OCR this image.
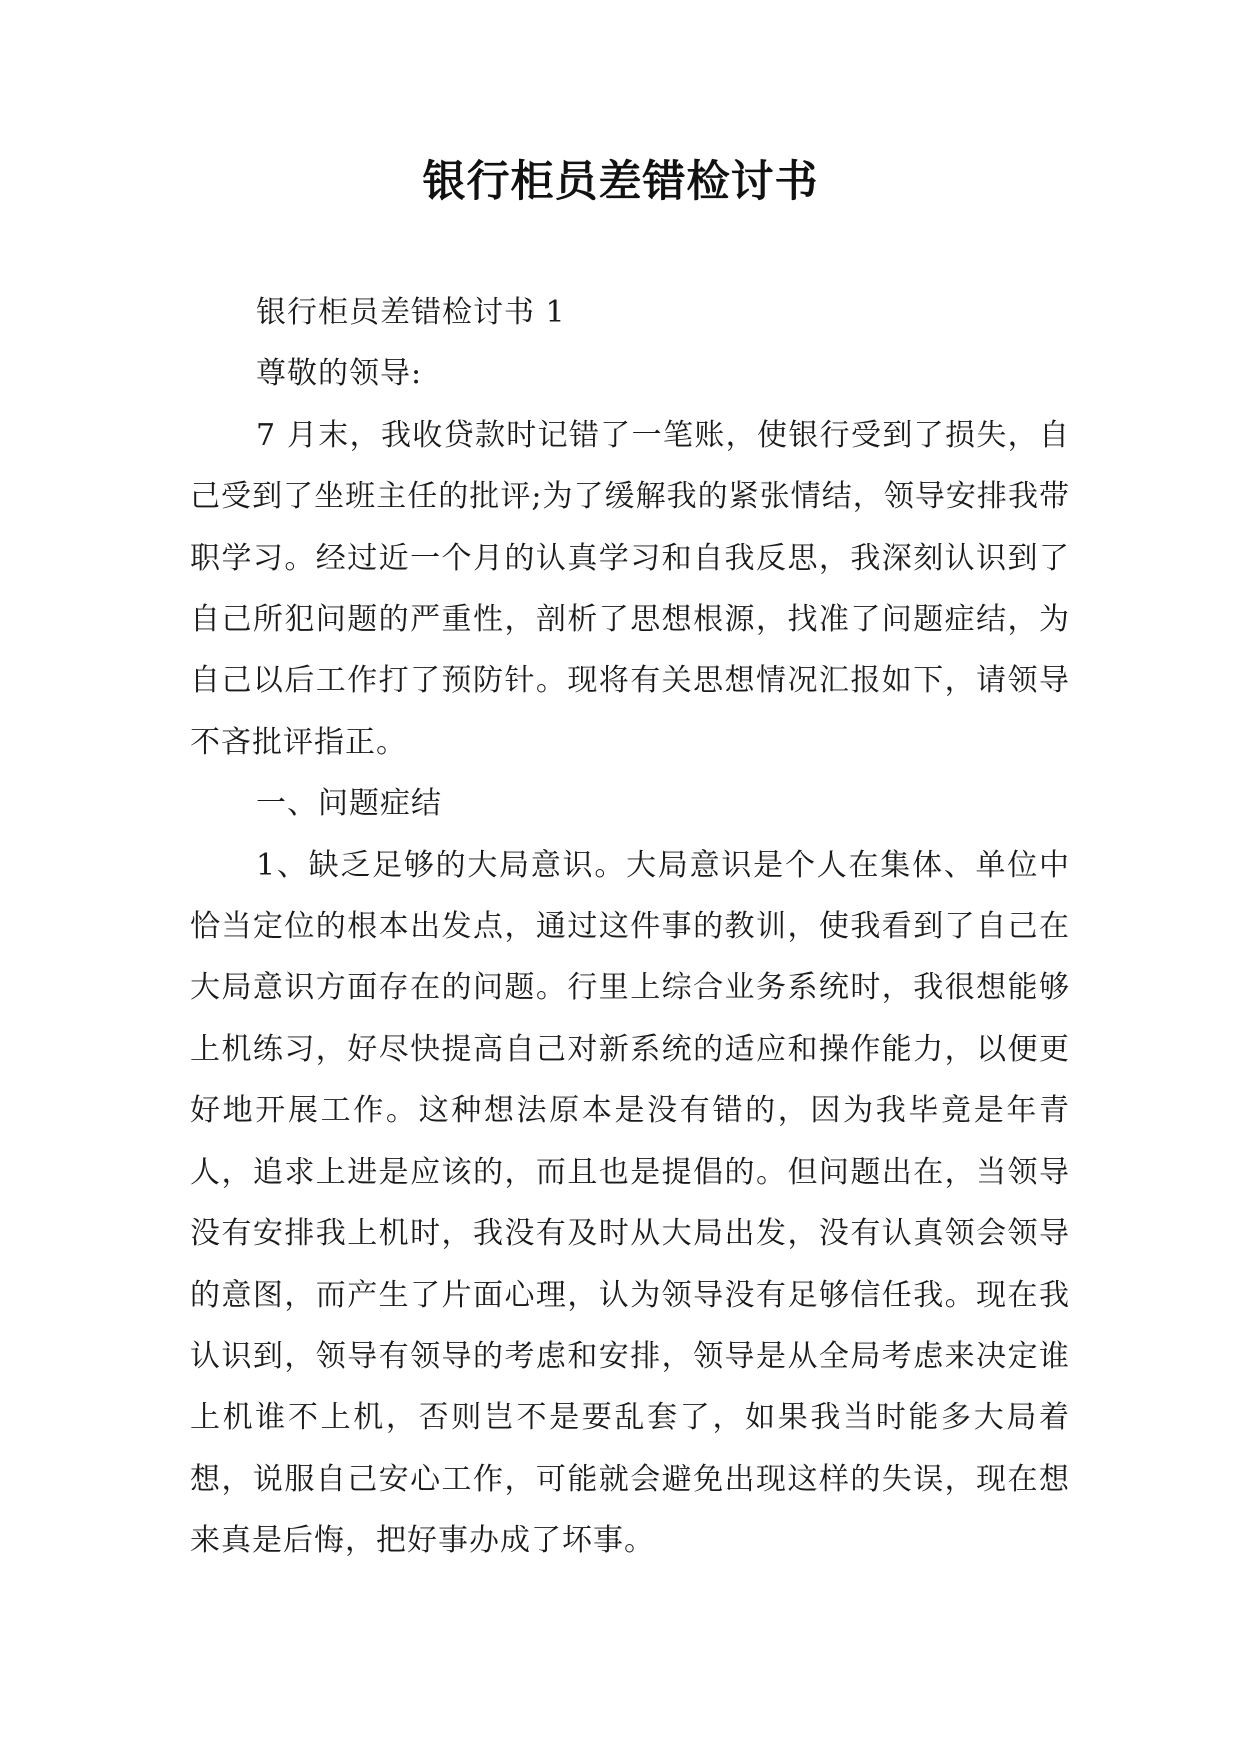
银行柜员差错检讨书

银行柜员差错检讨书 1

尊敬的领导:

7 月末，我收贷款时记错了一笔账，使银行受到了损失，自己受到了坐班主任的批评;为了缓解我的紧张情结，领导安排我带职学习。经过近一个月的认真学习和自我反思，我深刻认识到了自己所犯问题的严重性，剖析了思想根源，找准了问题症结，为自己以后工作打了预防针。现将有关思想情况汇报如下，请领导不吝批评指正。

一、问题症结

1、缺乏足够的大局意识。大局意识是个人在集体、单位中恰当定位的根本出发点，通过这件事的教训，使我看到了自己在大局意识方面存在的问题。行里上综合业务系统时，我很想能够上机练习，好尽快提高自己对新系统的适应和操作能力，以便更好地开展工作。这种想法原本是没有错的，因为我毕竟是年青人，追求上进是应该的，而且也是提倡的。但问题出在，当领导没有安排我上机时，我没有及时从大局出发，没有认真领会领导的意图，而产生了片面心理，认为领导没有足够信任我。现在我认识到，领导有领导的考虑和安排，领导是从全局考虑来决定谁上机谁不上机，否则岂不是要乱套了，如果我当时能多大局着想，说服自己安心工作，可能就会避免出现这样的失误，现在想来真是后悔，把好事办成了坏事。
